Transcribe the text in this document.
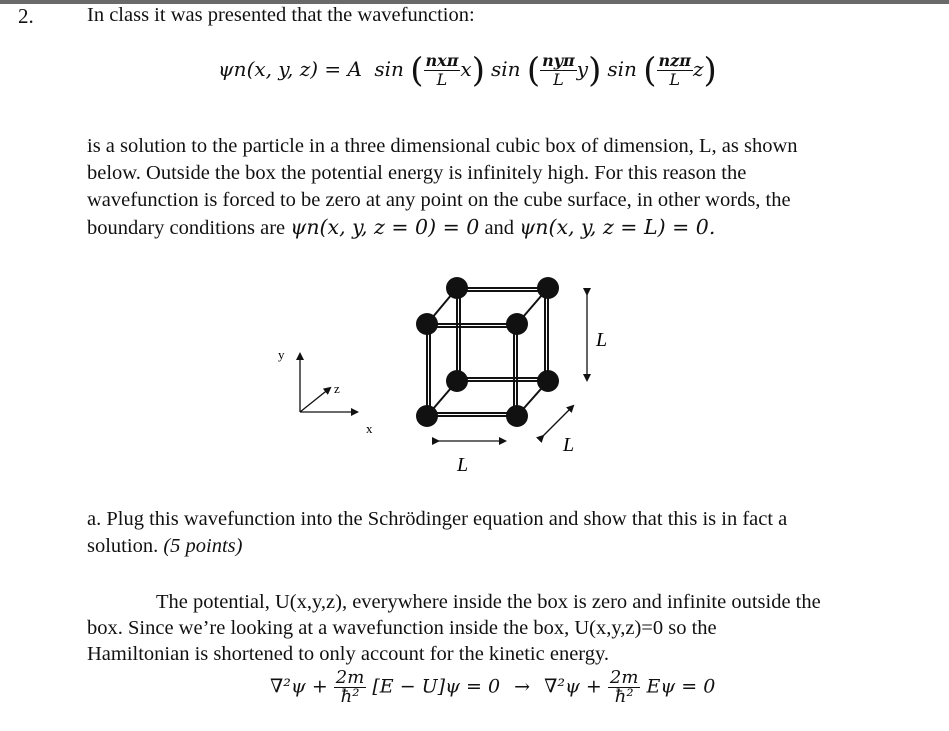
2.	In class it was presented that the wavefunction:
ψn(x, y, z) = A sin ( $\frac{\text{nxπ}}{L} x$) sin ( $\frac{\text{nyπ}}{L} y$) sin ( $\frac{\text{nzπ}}{L} z$)
is a solution to the particle in a three dimensional cubic box of dimension, L, as shown
below. Outside the box the potential energy is infinitely high. For this reason the
wavefunction is forced to be zero at any point on the cube surface, in other words, the
boundary conditions are ψn(x, y, z = 0) = 0 and ψn(x, y, z = L) = 0.
y
x
z
L
L
L
a. Plug this wavefunction into the Schrödinger equation and show that this is in fact a
solution. (5 points)
The potential, U(x,y,z), everywhere inside the box is zero and infinite outside the
box. Since we’re looking at a wavefunction inside the box, U(x,y,z)=0 so the
Hamiltonian is shortened to only account for the kinetic energy.
$\nabla^2\psi + \frac{2m}{\text{ħ²}} [E - U]\psi = 0 \to \nabla^2\psi + \frac{2m}{\text{ħ²}}$ Eψ = 0
